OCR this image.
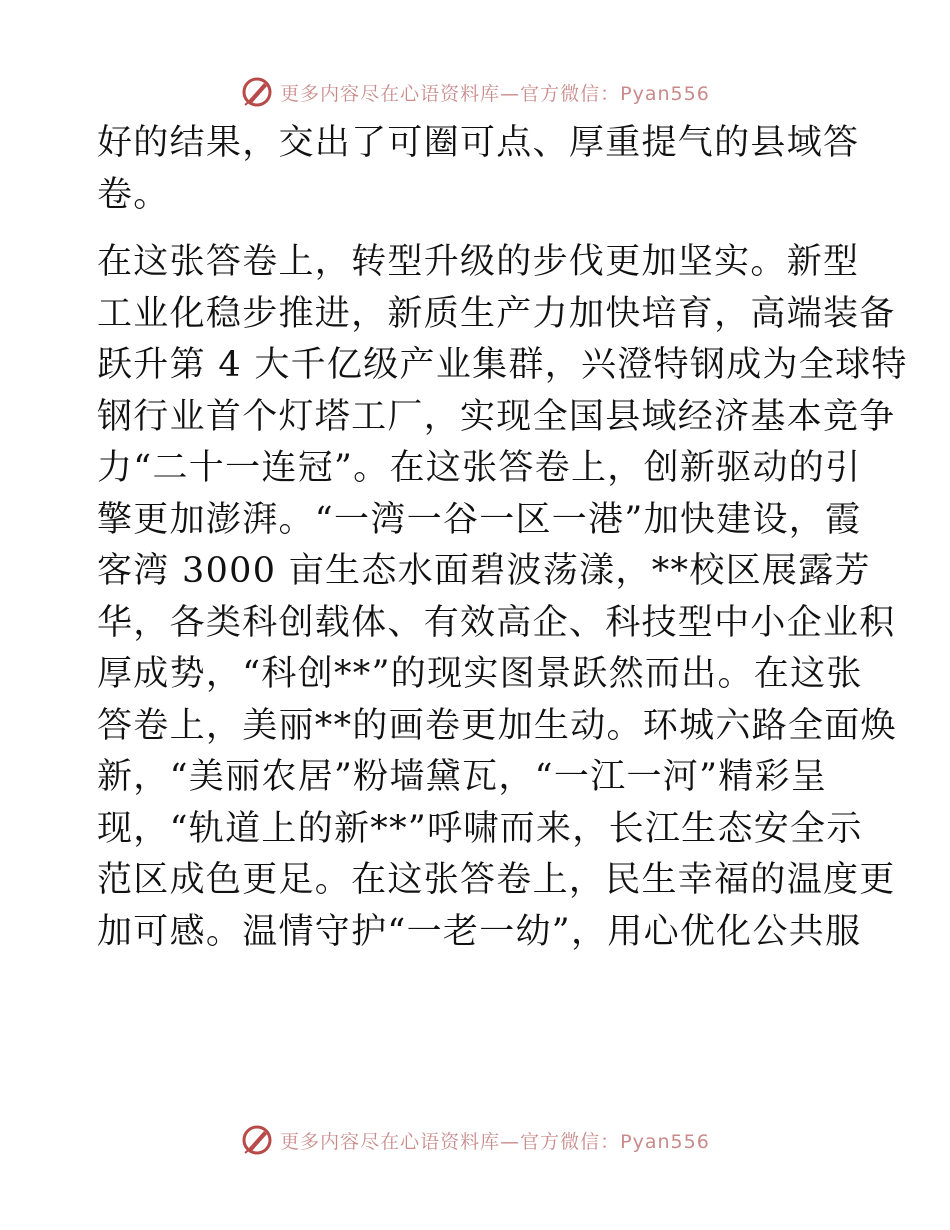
更多内容尽在心语资料库—官方微信：Pyan556
好的结果，交出了可圈可点、厚重提气的县域答
卷。
在这张答卷上，转型升级的步伐更加坚实。新型
工业化稳步推进，新质生产力加快培育，高端装备
跃升第 4 大千亿级产业集群，兴澄特钢成为全球特
钢行业首个灯塔工厂，实现全国县域经济基本竞争
力“二十一连冠”。在这张答卷上，创新驱动的引
擎更加澎湃。“一湾一谷一区一港”加快建设，霞
客湾 3000 亩生态水面碧波荡漾，**校区展露芳
华，各类科创载体、有效高企、科技型中小企业积
厚成势，“科创**”的现实图景跃然而出。在这张
答卷上，美丽**的画卷更加生动。环城六路全面焕
新，“美丽农居”粉墙黛瓦，“一江一河”精彩呈
现，“轨道上的新**”呼啸而来，长江生态安全示
范区成色更足。在这张答卷上，民生幸福的温度更
加可感。温情守护“一老一幼”，用心优化公共服
更多内容尽在心语资料库—官方微信：Pyan556
